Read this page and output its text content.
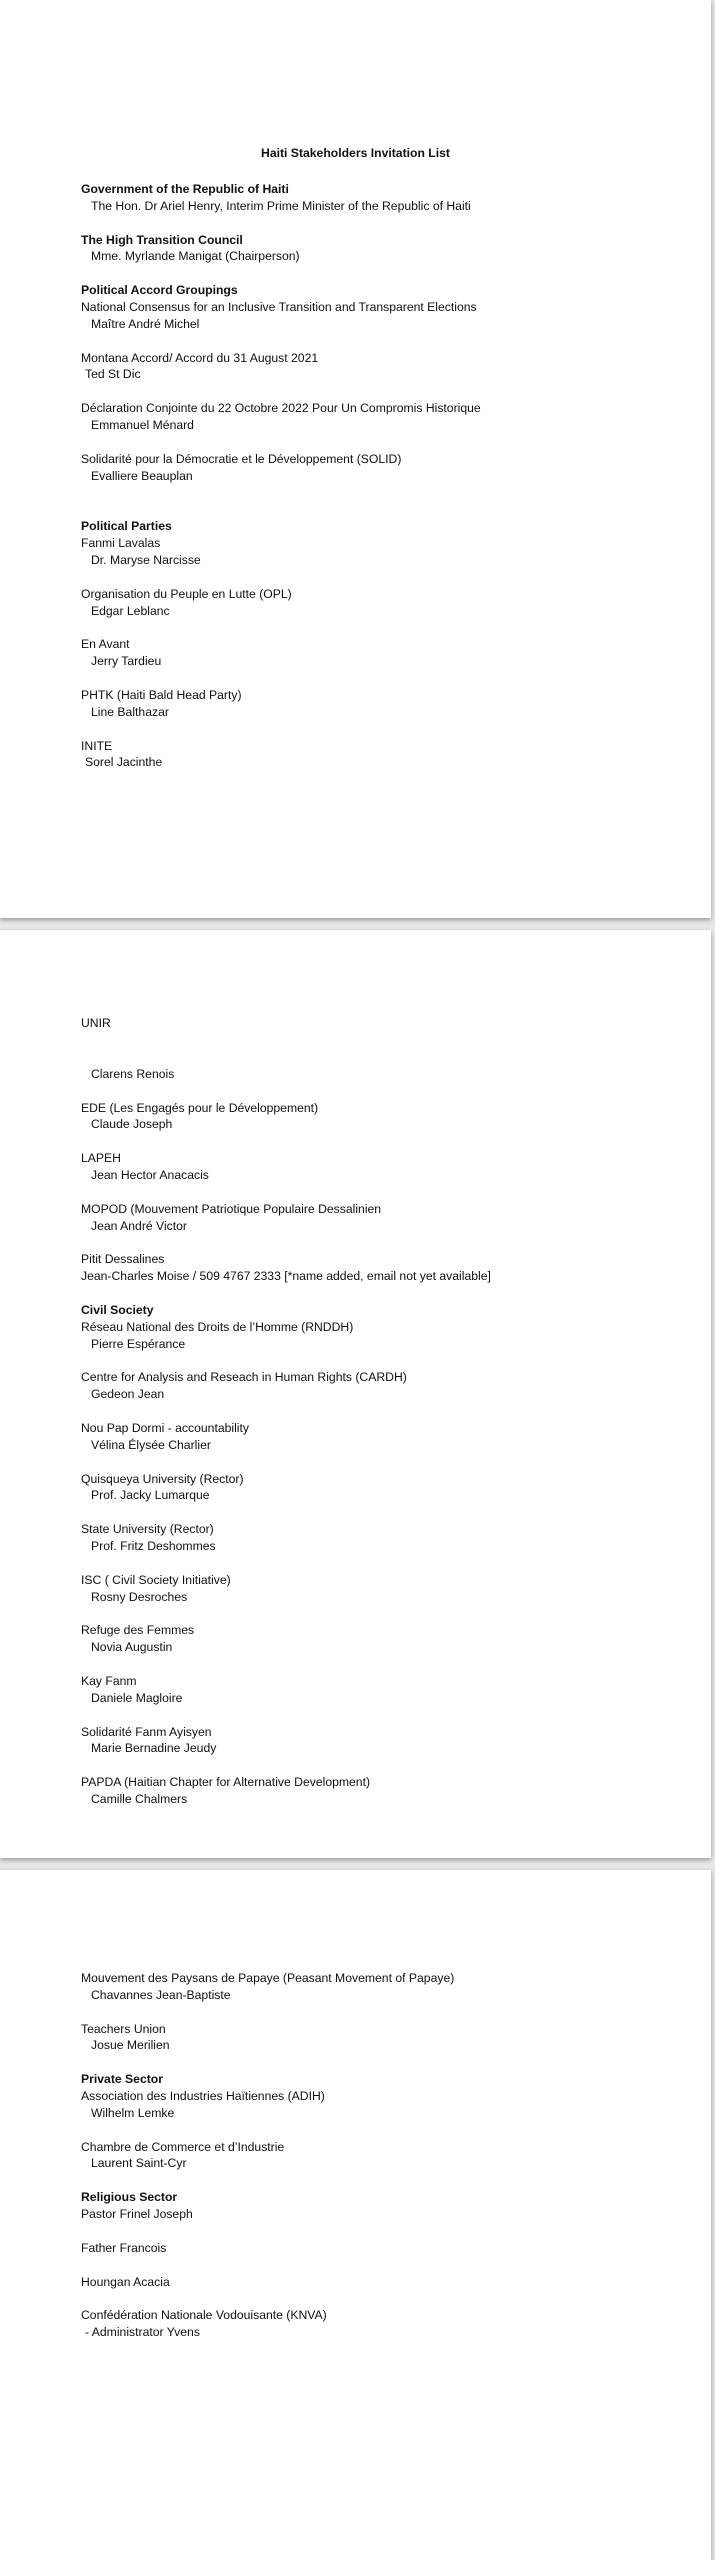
Haiti Stakeholders Invitation List
Government of the Republic of Haiti
The Hon. Dr Ariel Henry, Interim Prime Minister of the Republic of Haiti
The High Transition Council
Mme. Myrlande Manigat (Chairperson)
Political Accord Groupings
National Consensus for an Inclusive Transition and Transparent Elections
Maître André Michel
Montana Accord/ Accord du 31 August 2021
Ted St Dic
Déclaration Conjointe du 22 Octobre 2022 Pour Un Compromis Historique
Emmanuel Ménard
Solidarité pour la Démocratie et le Développement (SOLID)
Evalliere Beauplan
Political Parties
Fanmi Lavalas
Dr. Maryse Narcisse
Organisation du Peuple en Lutte (OPL)
Edgar Leblanc
En Avant
Jerry Tardieu
PHTK (Haiti Bald Head Party)
Line Balthazar
INITE
Sorel Jacinthe
UNIR
Clarens Renois
EDE (Les Engagés pour le Développement)
Claude Joseph
LAPEH
Jean Hector Anacacis
MOPOD (Mouvement Patriotique Populaire Dessalinien
Jean André Victor
Pitit Dessalines
Jean-Charles Moise / 509 4767 2333 [*name added, email not yet available]
Civil Society
Réseau National des Droits de l’Homme (RNDDH)
Pierre Espérance
Centre for Analysis and Reseach in Human Rights (CARDH)
Gedeon Jean
Nou Pap Dormi - accountability
Vélina Élysée Charlier
Quisqueya University (Rector)
Prof. Jacky Lumarque
State University (Rector)
Prof. Fritz Deshommes
ISC ( Civil Society Initiative)
Rosny Desroches
Refuge des Femmes
Novia Augustin
Kay Fanm
Daniele Magloire
Solidarité Fanm Ayisyen
Marie Bernadine Jeudy
PAPDA (Haitian Chapter for Alternative Development)
Camille Chalmers
Mouvement des Paysans de Papaye (Peasant Movement of Papaye)
Chavannes Jean-Baptiste
Teachers Union
Josue Merilien
Private Sector
Association des Industries Haïtiennes (ADIH)
Wilhelm Lemke
Chambre de Commerce et d’Industrie
Laurent Saint-Cyr
Religious Sector
Pastor Frinel Joseph
Father Francois
Houngan Acacia
Confédération Nationale Vodouisante (KNVA)
- Administrator Yvens
